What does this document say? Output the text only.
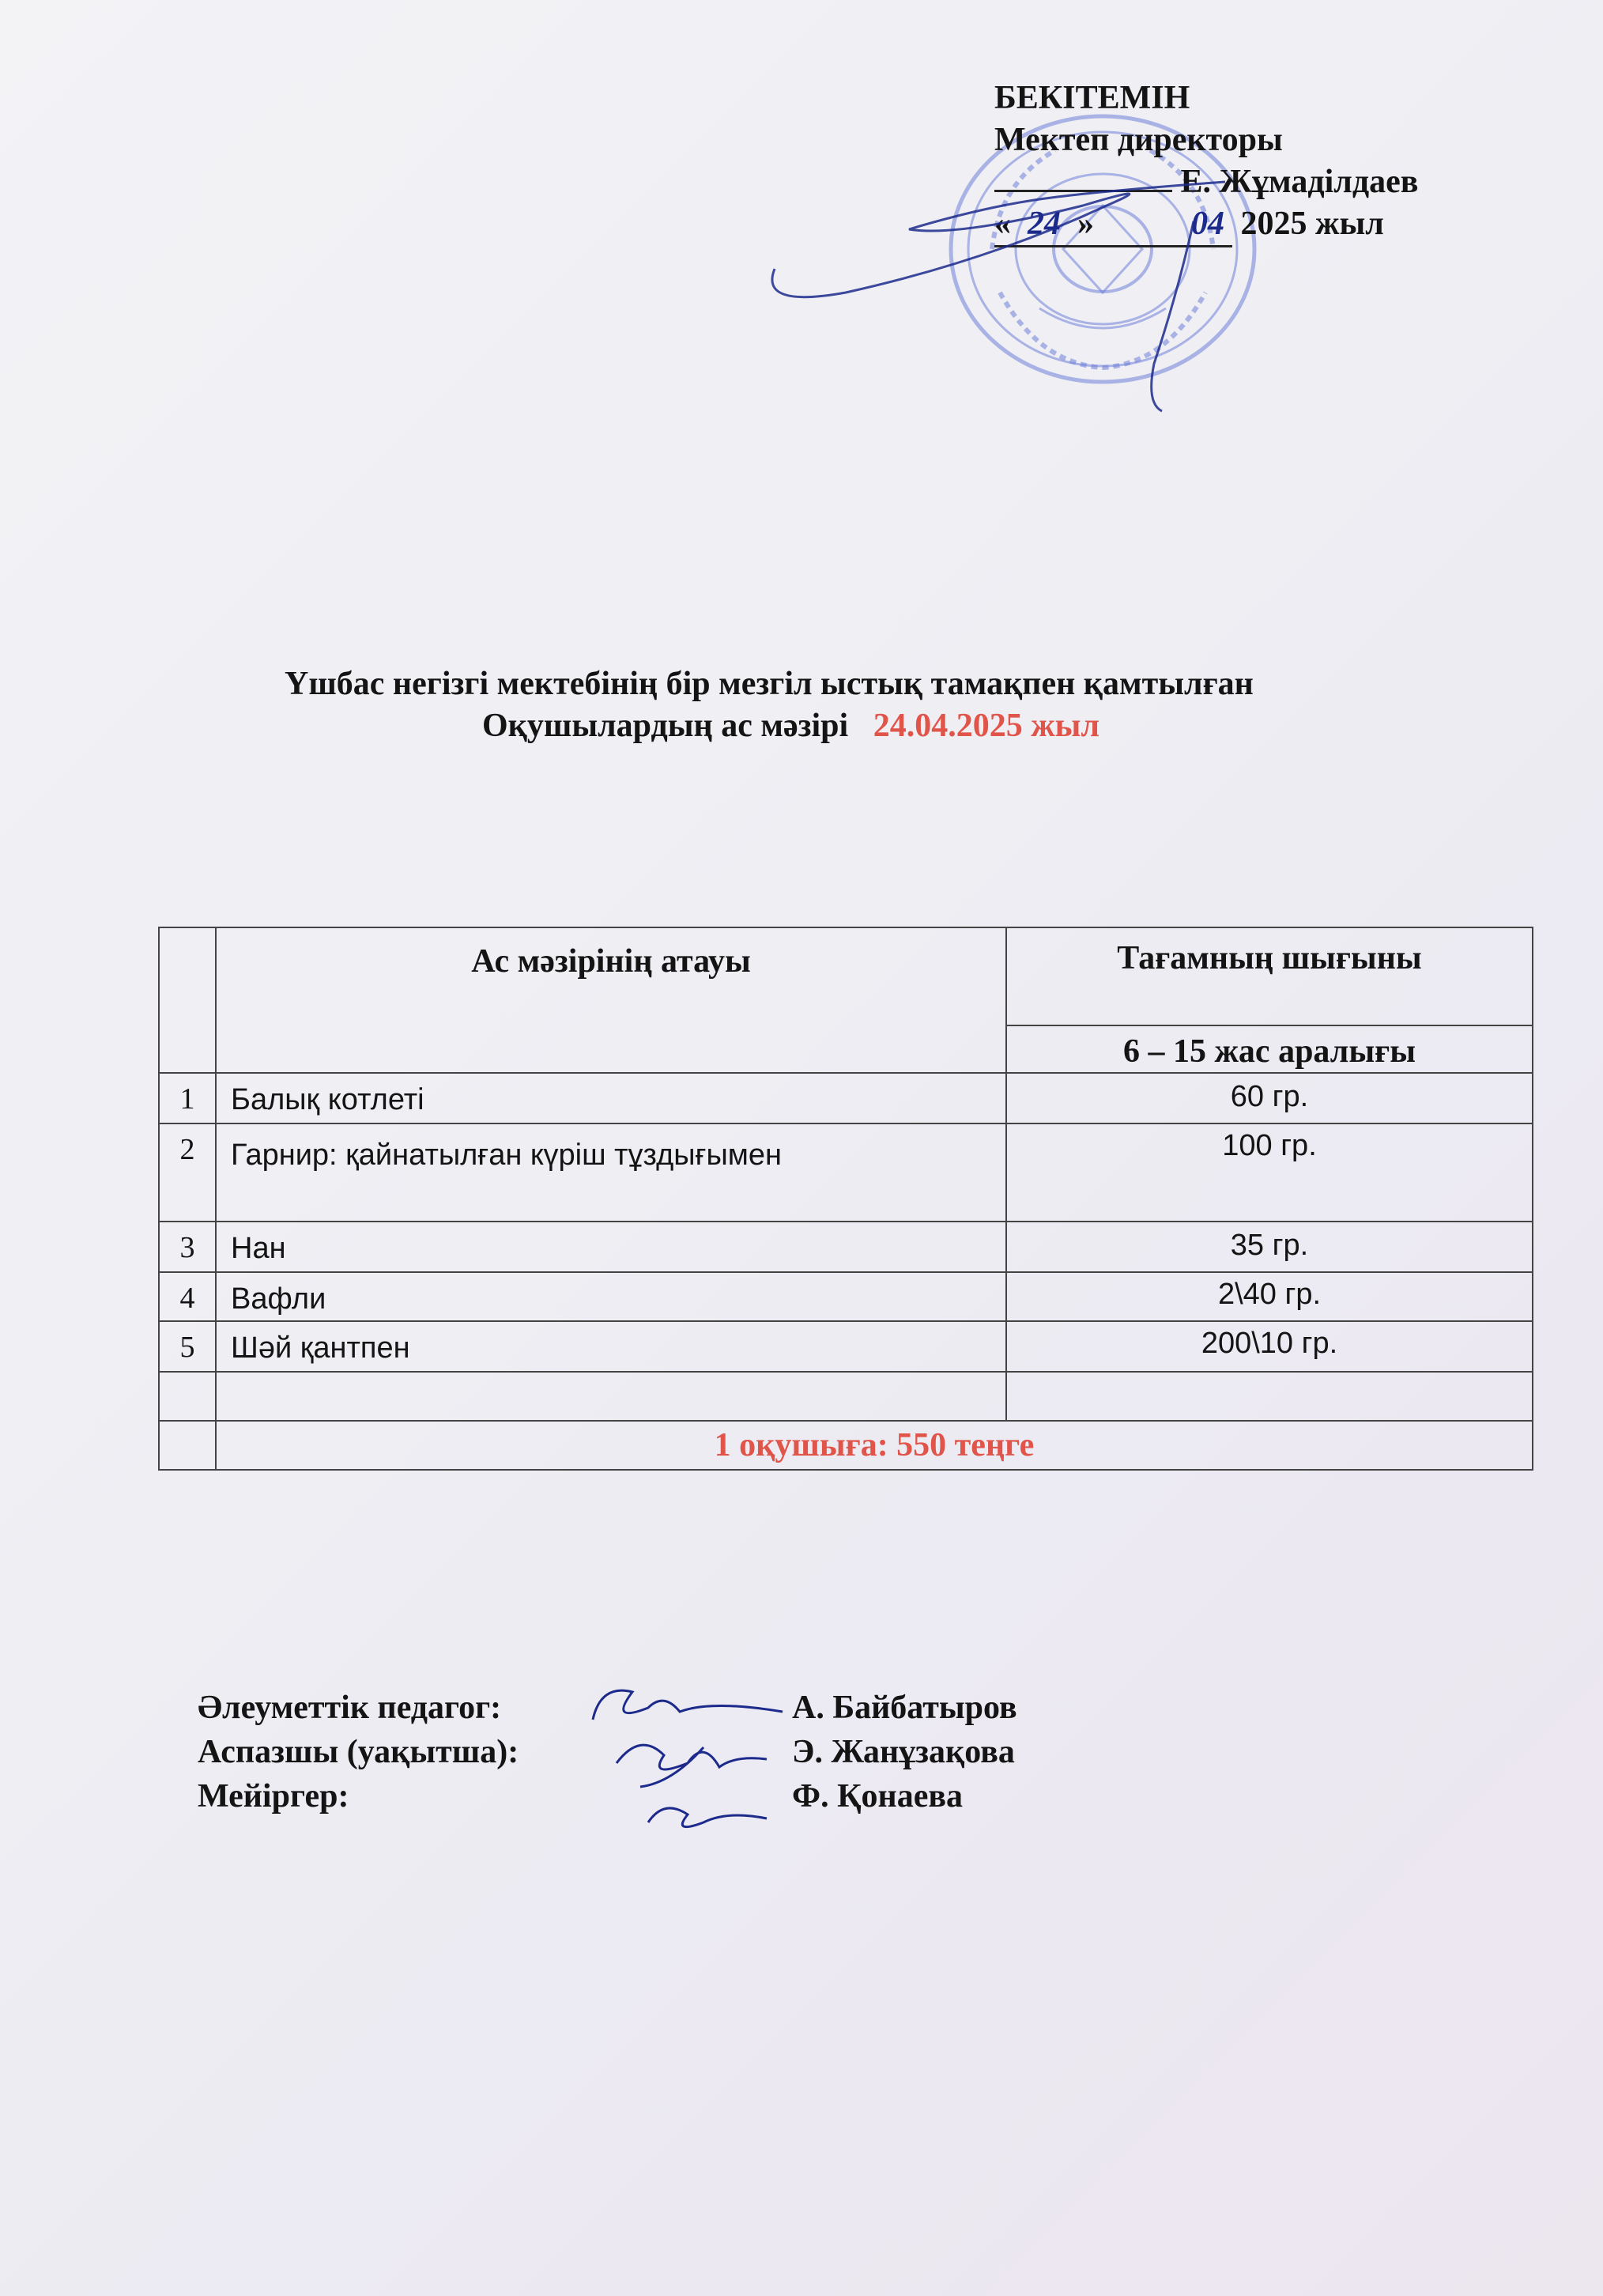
БЕКІТЕМІН
Мектеп директоры
Е. Жұмаділдаев
« 24 »	04 2025 жыл
Үшбас негізгі мектебінің бір мезгіл ыстық тамақпен қамтылған
Оқушылардың ас мәзірі 24.04.2025 жыл
	Ас мәзірінің атауы	Тағамның шығыны
		6 – 15 жас аралығы
1	Балық котлеті	60 гр.
2	Гарнир: қайнатылған күріш тұздығымен	100 гр.
3	Нан	35 гр.
4	Вафли	2\40 гр.
5	Шәй қантпен	200\10 гр.

	1 оқушыға: 550 теңге	
Әлеуметтік педагог:	А. Байбатыров
Аспазшы (уақытша):	Э. Жанұзақова
Мейіргер:	Ф. Қонаева
